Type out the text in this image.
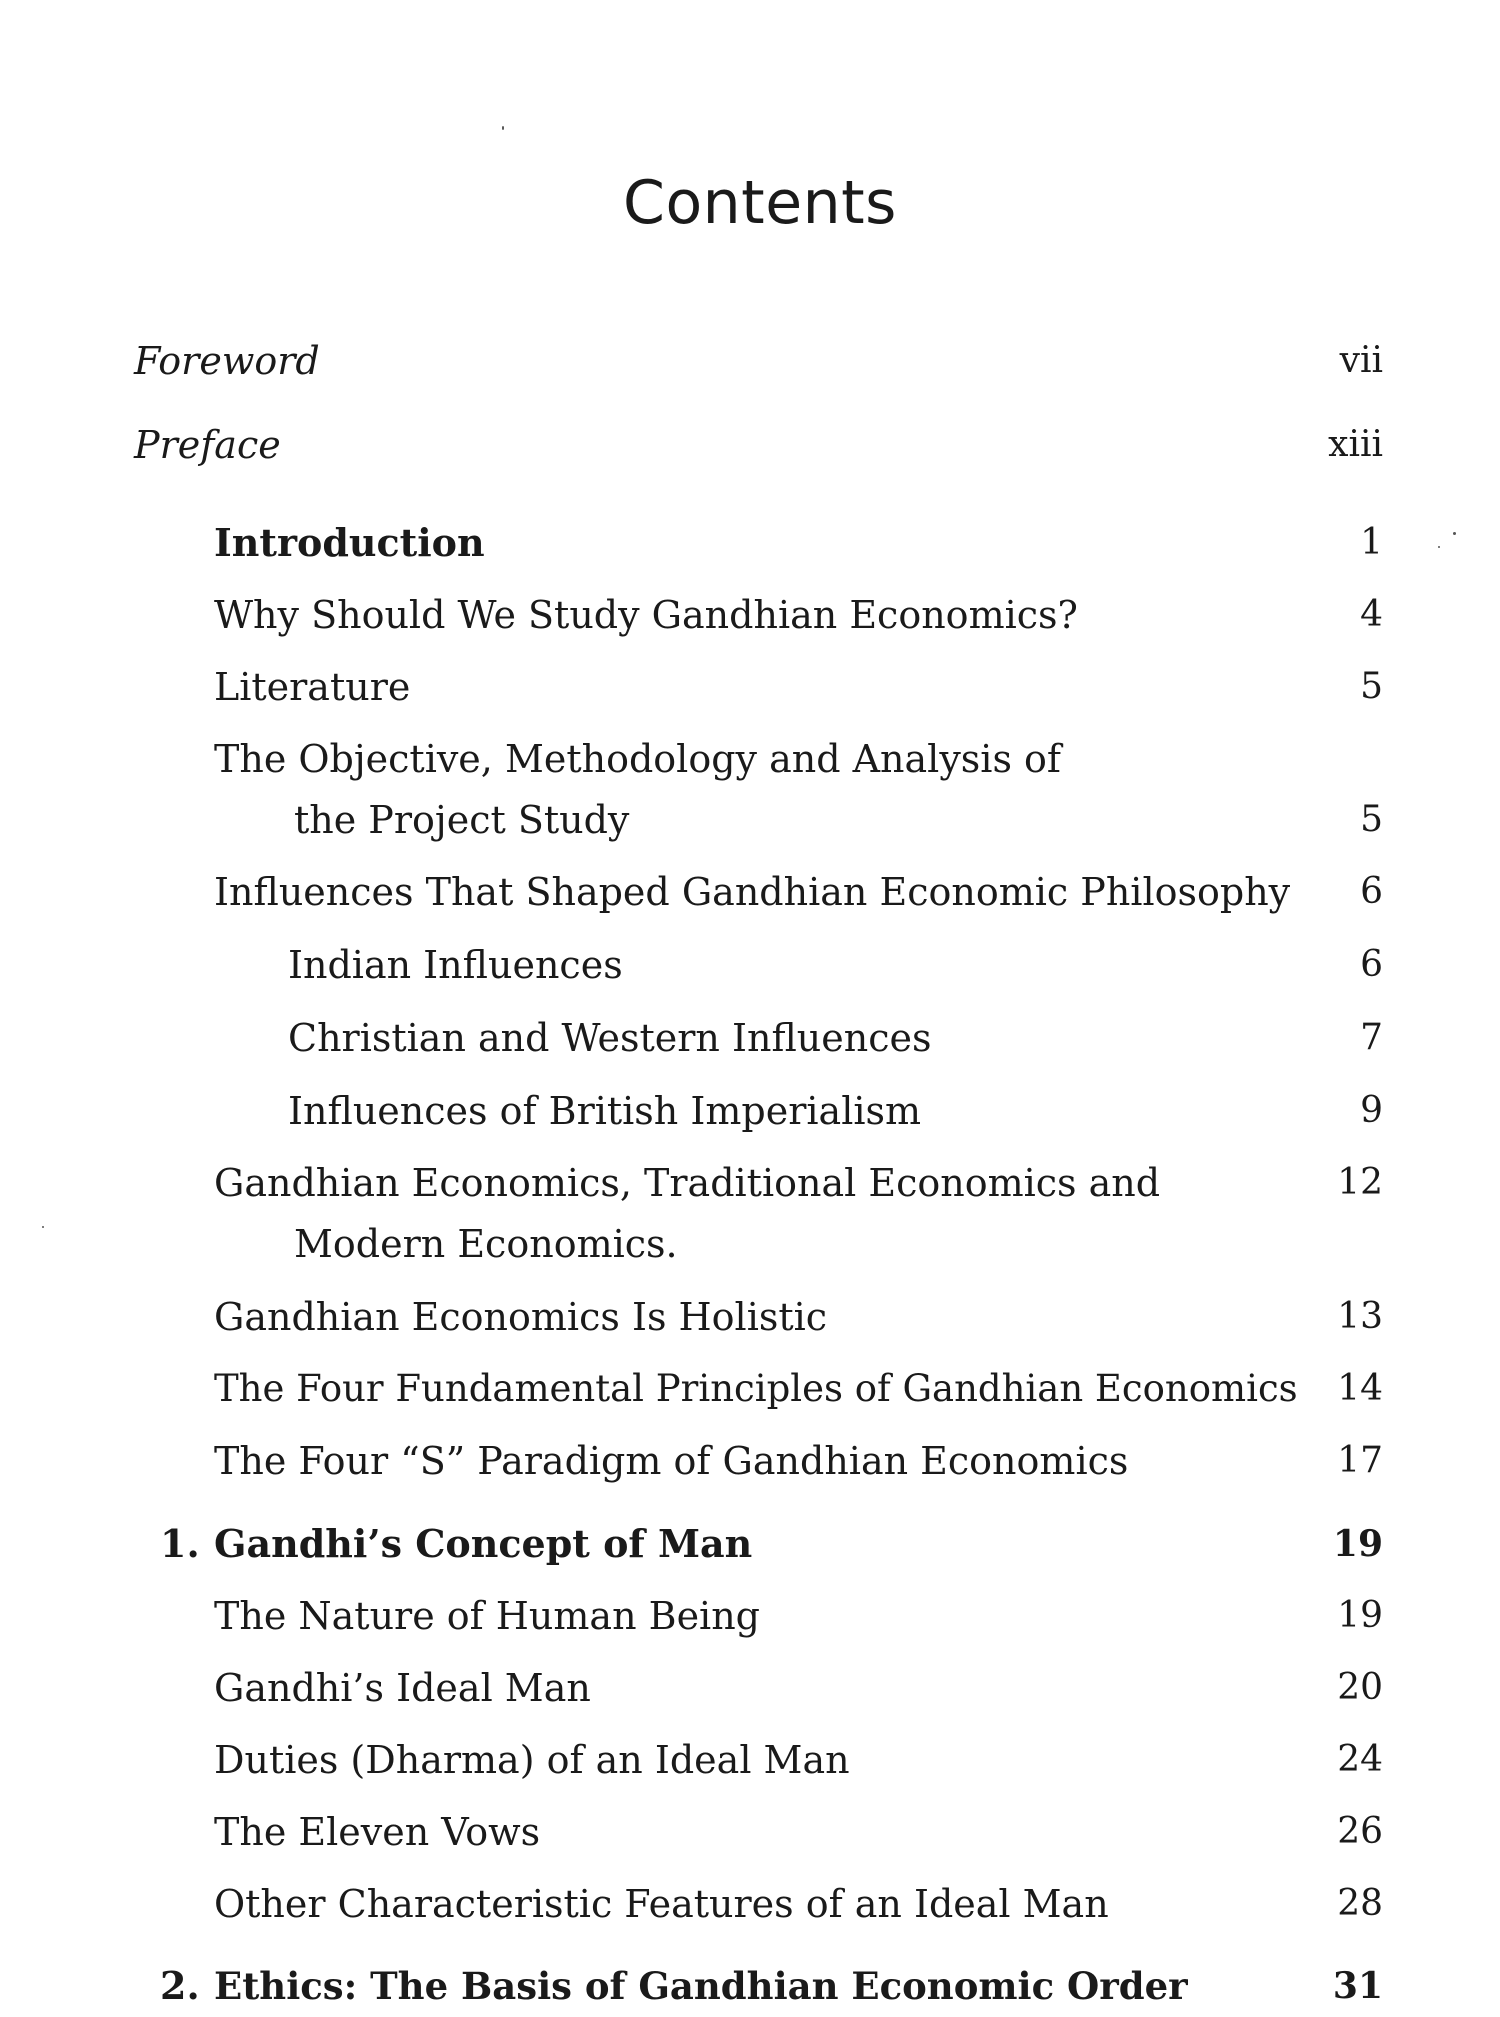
Contents
Foreword	vii
Preface	xiii
Introduction	1
Why Should We Study Gandhian Economics?	4
Literature	5
The Objective, Methodology and Analysis of
the Project Study	5
Influences That Shaped Gandhian Economic Philosophy 6
Indian Influences	6
Christian and Western Influences	7
Influences of British Imperialism	9
Gandhian Economics, Traditional Economics and	12
Modern Economics.
Gandhian Economics Is Holistic	13
The Four Fundamental Principles of Gandhian Economics 14
The Four “S” Paradigm of Gandhian Economics	17
1. Gandhi’s Concept of Man	19
The Nature of Human Being	19
Gandhi’s Ideal Man	20
Duties (Dharma) of an Ideal Man	24
The Eleven Vows	26
Other Characteristic Features of an Ideal Man	28
2. Ethics: The Basis of Gandhian Economic Order	31
